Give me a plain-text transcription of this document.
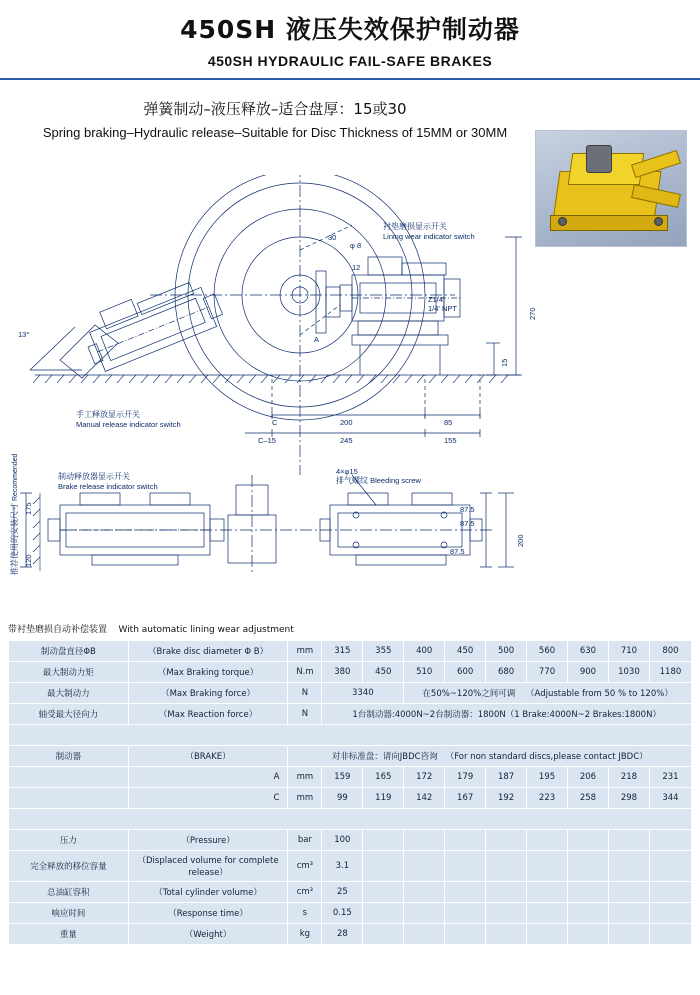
450SH 液压失效保护制动器
450SH HYDRAULIC FAIL-SAFE BRAKES
弹簧制动–液压释放–适合盘厚：15或30
Spring braking–Hydraulic release–Suitable for Disc Thickness of 15MM or 30MM
衬垫磨损显示开关
Lining wear indicator switch
手工释放显示开关
Manual release indicator switch
制动释放器显示开关
Brake release indicator switch
4×φ15
排气螺纹 Bleeding screw
Z1/4'
1/4' NPT
φ 8
30
12
13°
270
15
A
C
C–15	245
200
155
85
175
120
200
87.5
87.5
87.5
推荐使用的安装尺寸 Recommended
带衬垫磨损自动补偿装置 With automatic lining wear adjustment
制动盘直径ΦB	（Brake disc diameter Φ B）	mm	315	355	400	450	500	560	630	710	800
最大制动力矩	（Max Braking torque）	N.m	380	450	510	600	680	770	900	1030	1180
最大制动力	（Max Braking force）	N	3340		在50%~120%之间可调 （Adjustable from 50 % to 120%）						
轴受最大径向力	（Max Reaction force）	N	1台制动器:4000N~2台制动器：1800N（1 Brake:4000N~2 Brakes:1800N）								

制动器	（BRAKE）	对非标准盘：请向JBDC咨询 （For non standard discs,please contact JBDC）									
	A	mm	159	165	172	179	187	195	206	218	231
	C	mm	99	119	142	167	192	223	258	298	344

压力	（Pressure）	bar	100								
完全释放的移位容量	（Displaced volume for complete release）	cm³	3.1								
总油缸容积	（Total cylinder volume）	cm³	25								
响应时间	（Response time）	s	0.15								
重量	（Weight）	kg	28								
